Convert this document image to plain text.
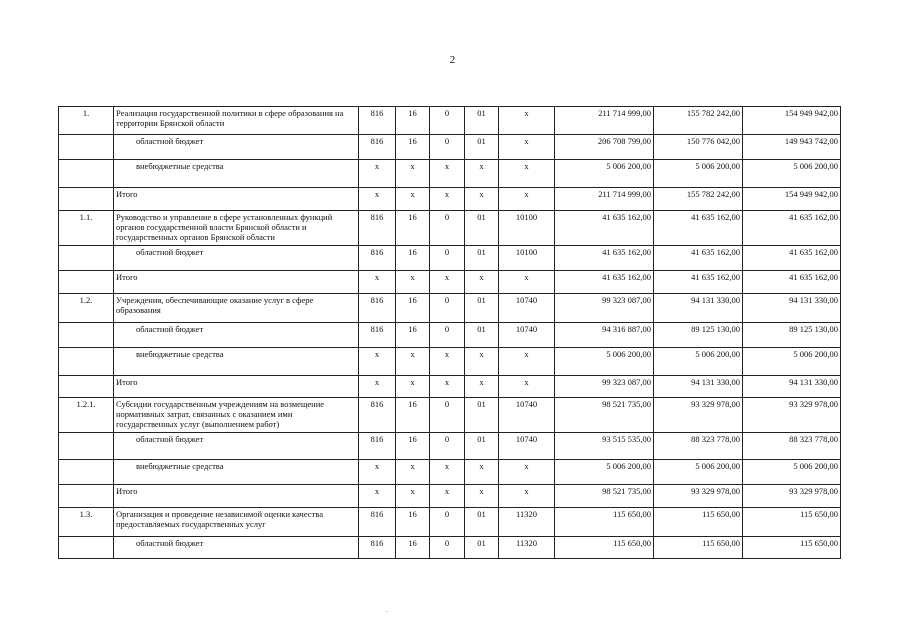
2
1.	Реализация государственной политики в сфере образования на территории Брянской области	816	16	0	01	x	211 714 999,00	155 782 242,00	154 949 942,00
	областной бюджет	816	16	0	01	x	206 708 799,00	150 776 042,00	149 943 742,00
	внебюджетные средства	x	x	x	x	x	5 006 200,00	5 006 200,00	5 006 200,00
	Итого	x	x	x	x	x	211 714 999,00	155 782 242,00	154 949 942,00
1.1.	Руководство и управление в сфере установленных функций органов государственной власти Брянской области и государственных органов Брянской области	816	16	0	01	10100	41 635 162,00	41 635 162,00	41 635 162,00
	областной бюджет	816	16	0	01	10100	41 635 162,00	41 635 162,00	41 635 162,00
	Итого	x	x	x	x	x	41 635 162,00	41 635 162,00	41 635 162,00
1.2.	Учреждения, обеспечивающие оказание услуг в сфере образования	816	16	0	01	10740	99 323 087,00	94 131 330,00	94 131 330,00
	областной бюджет	816	16	0	01	10740	94 316 887,00	89 125 130,00	89 125 130,00
	внебюджетные средства	x	x	x	x	x	5 006 200,00	5 006 200,00	5 006 200,00
	Итого	x	x	x	x	x	99 323 087,00	94 131 330,00	94 131 330,00
1.2.1.	Субсидии государственным учреждениям на возмещение нормативных затрат, связанных с оказанием ими государственных услуг (выполнением работ)	816	16	0	01	10740	98 521 735,00	93 329 978,00	93 329 978,00
	областной бюджет	816	16	0	01	10740	93 515 535,00	88 323 778,00	88 323 778,00
	внебюджетные средства	x	x	x	x	x	5 006 200,00	5 006 200,00	5 006 200,00
	Итого	x	x	x	x	x	98 521 735,00	93 329 978,00	93 329 978,00
1.3.	Организация и проведение независимой оценки качества предоставляемых государственных услуг	816	16	0	01	11320	115 650,00	115 650,00	115 650,00
	областной бюджет	816	16	0	01	11320	115 650,00	115 650,00	115 650,00
.
